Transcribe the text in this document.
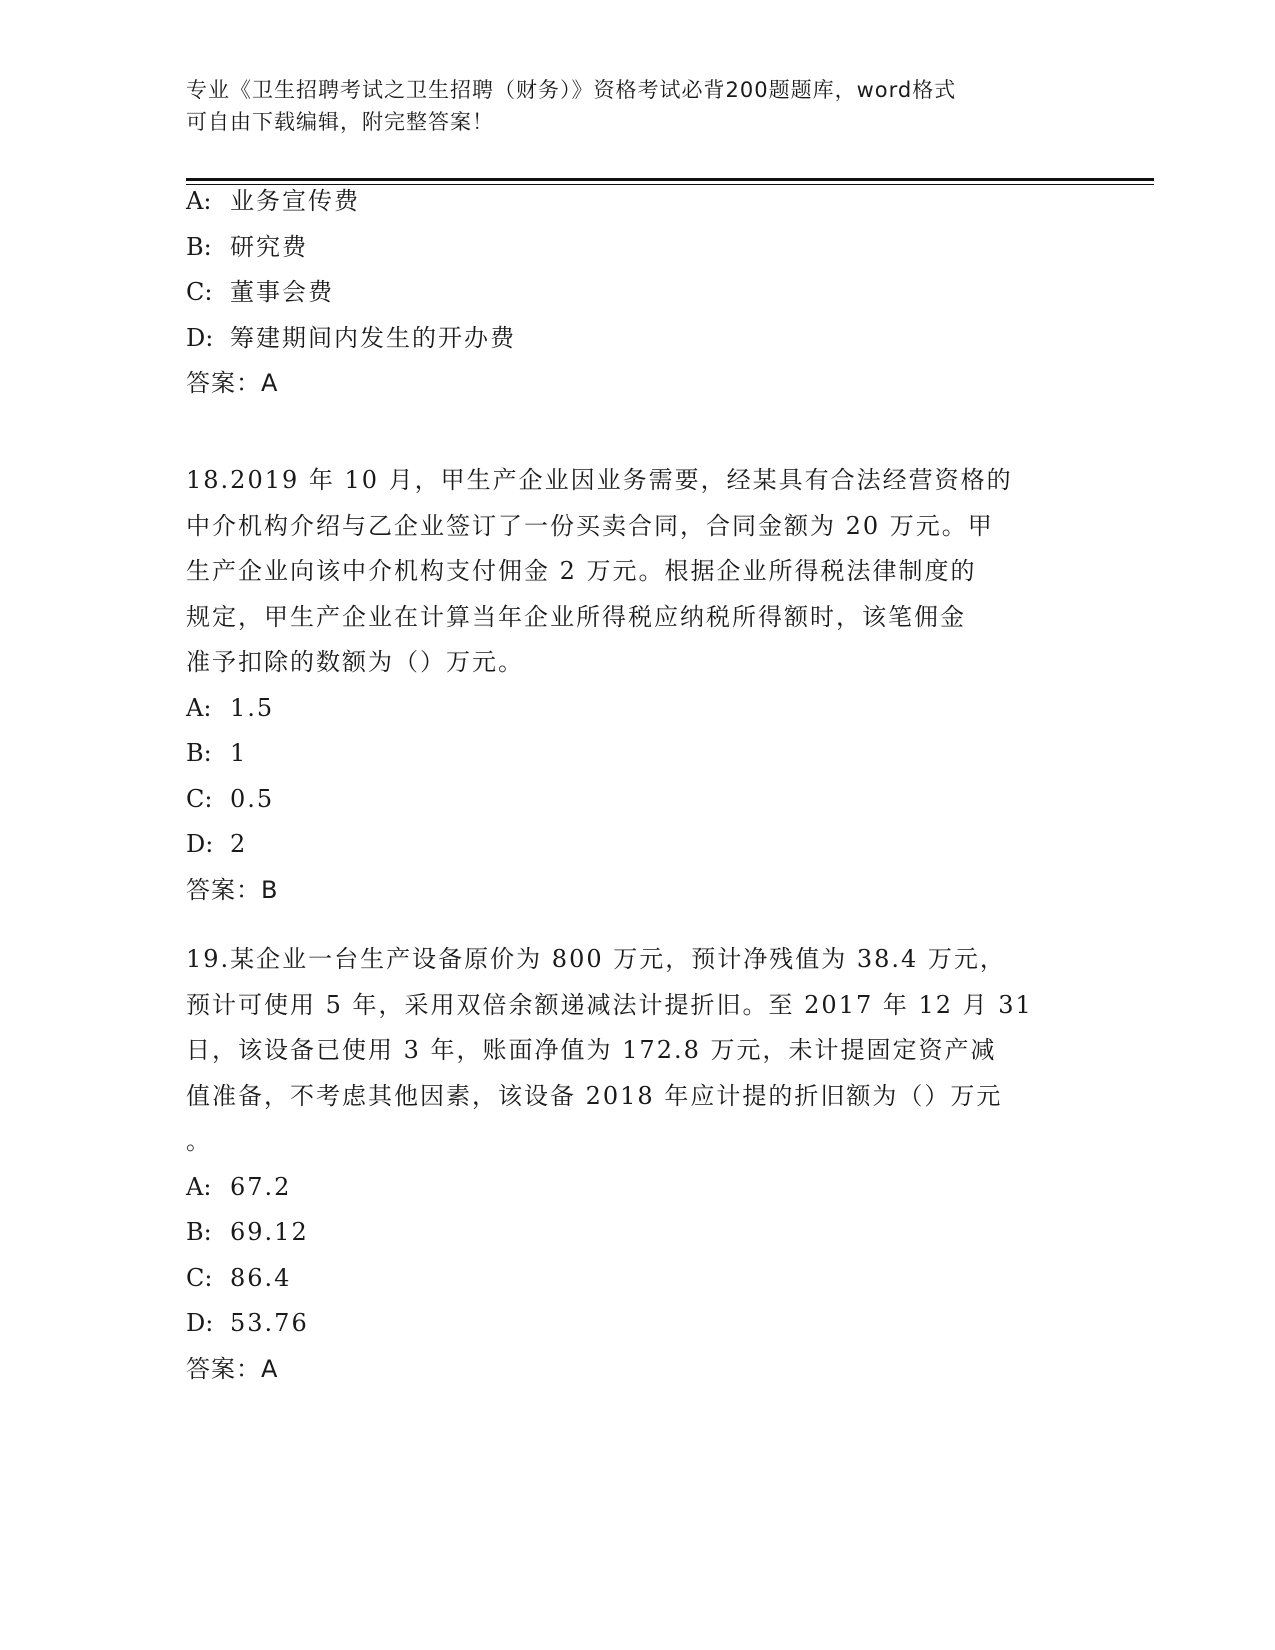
专业《卫生招聘考试之卫生招聘（财务）》资格考试必背200题题库，word格式
可自由下载编辑，附完整答案！
A: 业务宣传费
B: 研究费
C: 董事会费
D: 筹建期间内发生的开办费
答案：A
18.2019 年 10 月，甲生产企业因业务需要，经某具有合法经营资格的
中介机构介绍与乙企业签订了一份买卖合同，合同金额为 20 万元。甲
生产企业向该中介机构支付佣金 2 万元。根据企业所得税法律制度的
规定，甲生产企业在计算当年企业所得税应纳税所得额时，该笔佣金
准予扣除的数额为（）万元。
A: 1.5
B: 1
C: 0.5
D: 2
答案：B
19.某企业一台生产设备原价为 800 万元，预计净残值为 38.4 万元，
预计可使用 5 年，采用双倍余额递减法计提折旧。至 2017 年 12 月 31
日，该设备已使用 3 年，账面净值为 172.8 万元，未计提固定资产减
值准备，不考虑其他因素，该设备 2018 年应计提的折旧额为（）万元
。
A: 67.2
B: 69.12
C: 86.4
D: 53.76
答案：A
